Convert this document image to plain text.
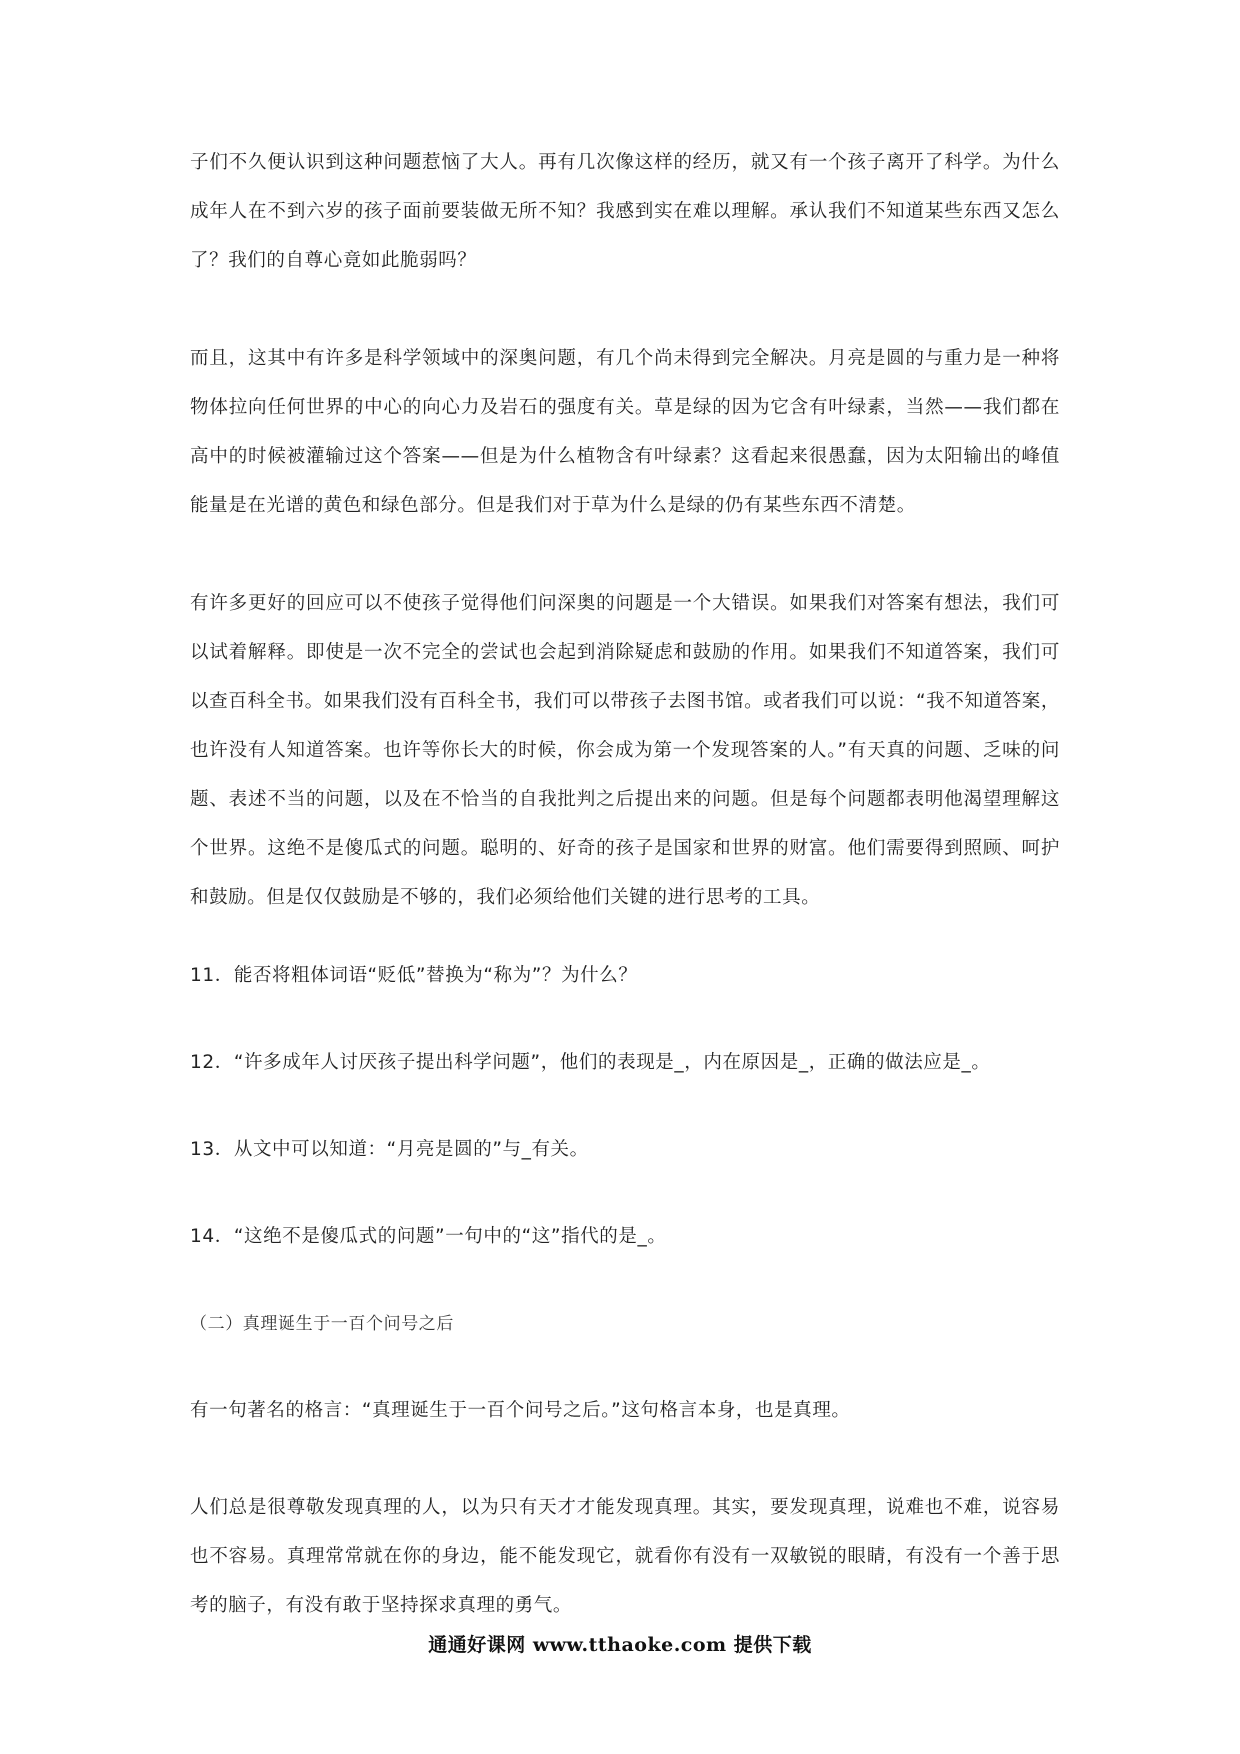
子们不久便认识到这种问题惹恼了大人。再有几次像这样的经历，就又有一个孩子离开了科学。为什么成年人在不到六岁的孩子面前要装做无所不知？我感到实在难以理解。承认我们不知道某些东西又怎么了？我们的自尊心竟如此脆弱吗？

而且，这其中有许多是科学领域中的深奥问题，有几个尚未得到完全解决。月亮是圆的与重力是一种将物体拉向任何世界的中心的向心力及岩石的强度有关。草是绿的因为它含有叶绿素，当然——我们都在高中的时候被灌输过这个答案——但是为什么植物含有叶绿素？这看起来很愚蠢，因为太阳输出的峰值能量是在光谱的黄色和绿色部分。但是我们对于草为什么是绿的仍有某些东西不清楚。

有许多更好的回应可以不使孩子觉得他们问深奥的问题是一个大错误。如果我们对答案有想法，我们可以试着解释。即使是一次不完全的尝试也会起到消除疑虑和鼓励的作用。如果我们不知道答案，我们可以查百科全书。如果我们没有百科全书，我们可以带孩子去图书馆。或者我们可以说：“我不知道答案，也许没有人知道答案。也许等你长大的时候，你会成为第一个发现答案的人。”有天真的问题、乏味的问题、表述不当的问题，以及在不恰当的自我批判之后提出来的问题。但是每个问题都表明他渴望理解这个世界。这绝不是傻瓜式的问题。聪明的、好奇的孩子是国家和世界的财富。他们需要得到照顾、呵护和鼓励。但是仅仅鼓励是不够的，我们必须给他们关键的进行思考的工具。

11．能否将粗体词语“贬低”替换为“称为”？为什么？

12．“许多成年人讨厌孩子提出科学问题”，他们的表现是_，内在原因是_，正确的做法应是_。

13．从文中可以知道：“月亮是圆的”与_有关。

14．“这绝不是傻瓜式的问题”一句中的“这”指代的是_。

（二）真理诞生于一百个问号之后

有一句著名的格言：“真理诞生于一百个问号之后。”这句格言本身，也是真理。

人们总是很尊敬发现真理的人，以为只有天才才能发现真理。其实，要发现真理，说难也不难，说容易也不容易。真理常常就在你的身边，能不能发现它，就看你有没有一双敏锐的眼睛，有没有一个善于思考的脑子，有没有敢于坚持探求真理的勇气。

通通好课网 www.tthaoke.com 提供下载
